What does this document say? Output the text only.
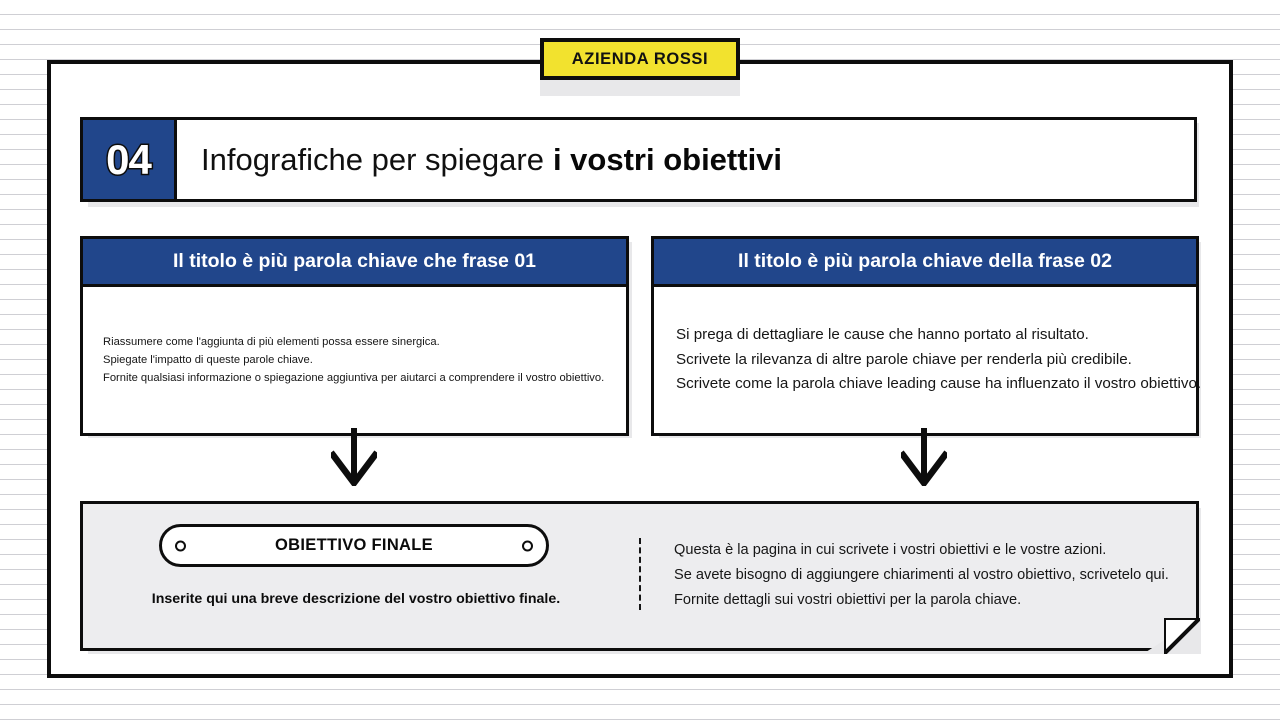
AZIENDA ROSSI
04 Infografiche per spiegare i vostri obiettivi
Il titolo è più parola chiave che frase 01
Riassumere come l'aggiunta di più elementi possa essere sinergica.
Spiegate l'impatto di queste parole chiave.
Fornite qualsiasi informazione o spiegazione aggiuntiva per aiutarci a comprendere il vostro obiettivo.
Il titolo è più parola chiave della frase 02
Si prega di dettagliare le cause che hanno portato al risultato.
Scrivete la rilevanza di altre parole chiave per renderla più credibile.
Scrivete come la parola chiave leading cause ha influenzato il vostro obiettivo.
OBIETTIVO FINALE
Inserite qui una breve descrizione del vostro obiettivo finale.
Questa è la pagina in cui scrivete i vostri obiettivi e le vostre azioni.
Se avete bisogno di aggiungere chiarimenti al vostro obiettivo, scrivetelo qui.
Fornite dettagli sui vostri obiettivi per la parola chiave.
